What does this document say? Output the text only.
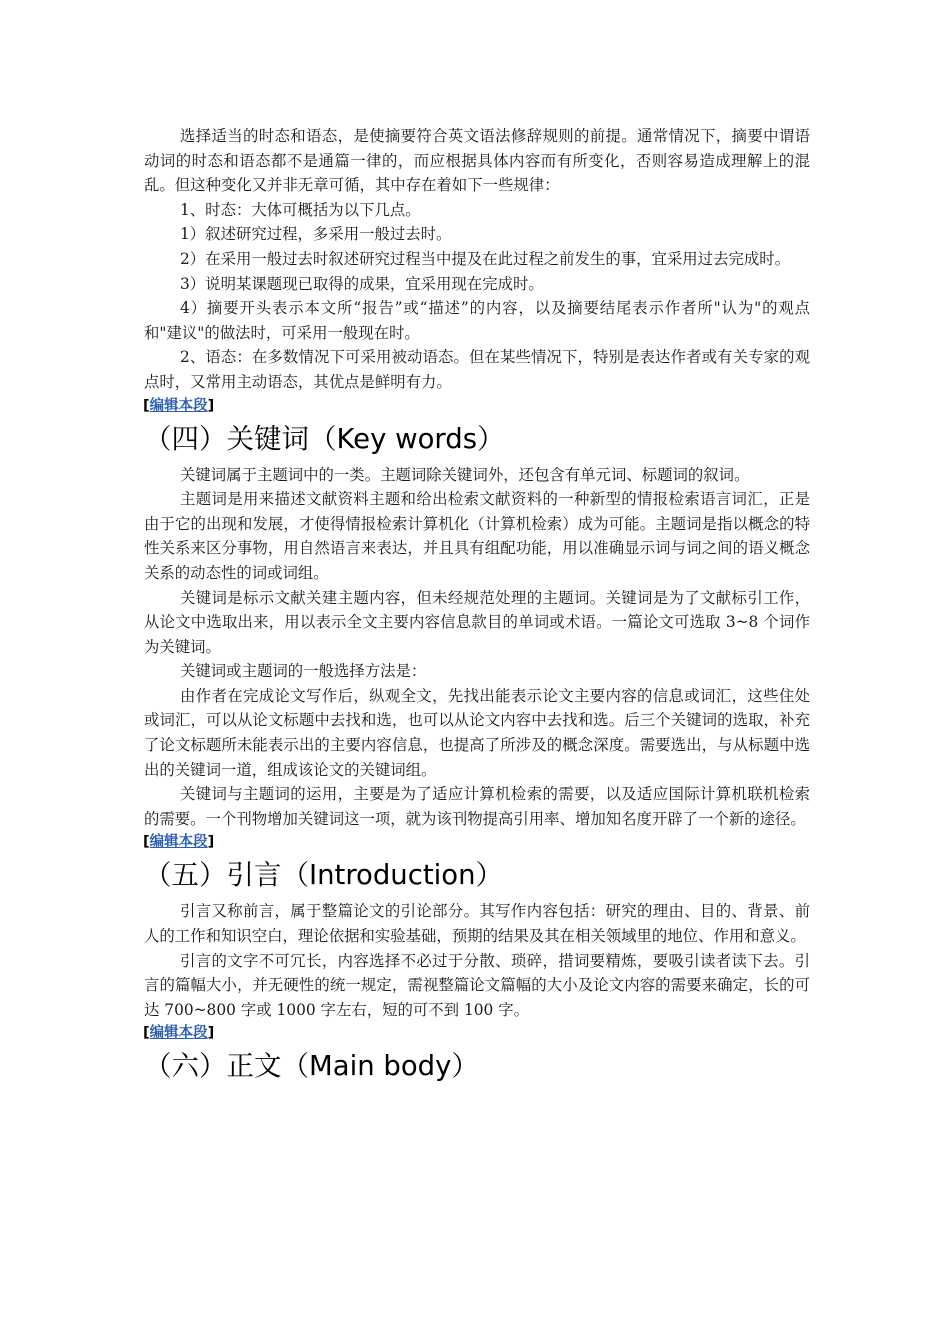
选择适当的时态和语态，是使摘要符合英文语法修辞规则的前提。通常情况下，摘要中谓语动词的时态和语态都不是通篇一律的，而应根据具体内容而有所变化，否则容易造成理解上的混乱。但这种变化又并非无章可循，其中存在着如下一些规律：

1、时态：大体可概括为以下几点。

1）叙述研究过程，多采用一般过去时。

2）在采用一般过去时叙述研究过程当中提及在此过程之前发生的事，宜采用过去完成时。

3）说明某课题现已取得的成果，宜采用现在完成时。

4）摘要开头表示本文所“报告”或“描述”的内容，以及摘要结尾表示作者所"认为"的观点和"建议"的做法时，可采用一般现在时。

2、语态：在多数情况下可采用被动语态。但在某些情况下，特别是表达作者或有关专家的观点时，又常用主动语态，其优点是鲜明有力。

[编辑本段]

（四）关键词（Key words）

关键词属于主题词中的一类。主题词除关键词外，还包含有单元词、标题词的叙词。

主题词是用来描述文献资料主题和给出检索文献资料的一种新型的情报检索语言词汇，正是由于它的出现和发展，才使得情报检索计算机化（计算机检索）成为可能。主题词是指以概念的特性关系来区分事物，用自然语言来表达，并且具有组配功能，用以准确显示词与词之间的语义概念关系的动态性的词或词组。

关键词是标示文献关建主题内容，但未经规范处理的主题词。关键词是为了文献标引工作，从论文中选取出来，用以表示全文主要内容信息款目的单词或术语。一篇论文可选取 3~8 个词作为关键词。

关键词或主题词的一般选择方法是：

由作者在完成论文写作后，纵观全文，先找出能表示论文主要内容的信息或词汇，这些住处或词汇，可以从论文标题中去找和选，也可以从论文内容中去找和选。后三个关键词的选取，补充了论文标题所未能表示出的主要内容信息，也提高了所涉及的概念深度。需要选出，与从标题中选出的关键词一道，组成该论文的关键词组。

关键词与主题词的运用，主要是为了适应计算机检索的需要，以及适应国际计算机联机检索的需要。一个刊物增加关键词这一项，就为该刊物提高引用率、增加知名度开辟了一个新的途径。

[编辑本段]

（五）引言（Introduction）

引言又称前言，属于整篇论文的引论部分。其写作内容包括：研究的理由、目的、背景、前人的工作和知识空白，理论依据和实验基础，预期的结果及其在相关领域里的地位、作用和意义。

引言的文字不可冗长，内容选择不必过于分散、琐碎，措词要精炼，要吸引读者读下去。引言的篇幅大小，并无硬性的统一规定，需视整篇论文篇幅的大小及论文内容的需要来确定，长的可达 700~800 字或 1000 字左右，短的可不到 100 字。

[编辑本段]

（六）正文（Main body）
